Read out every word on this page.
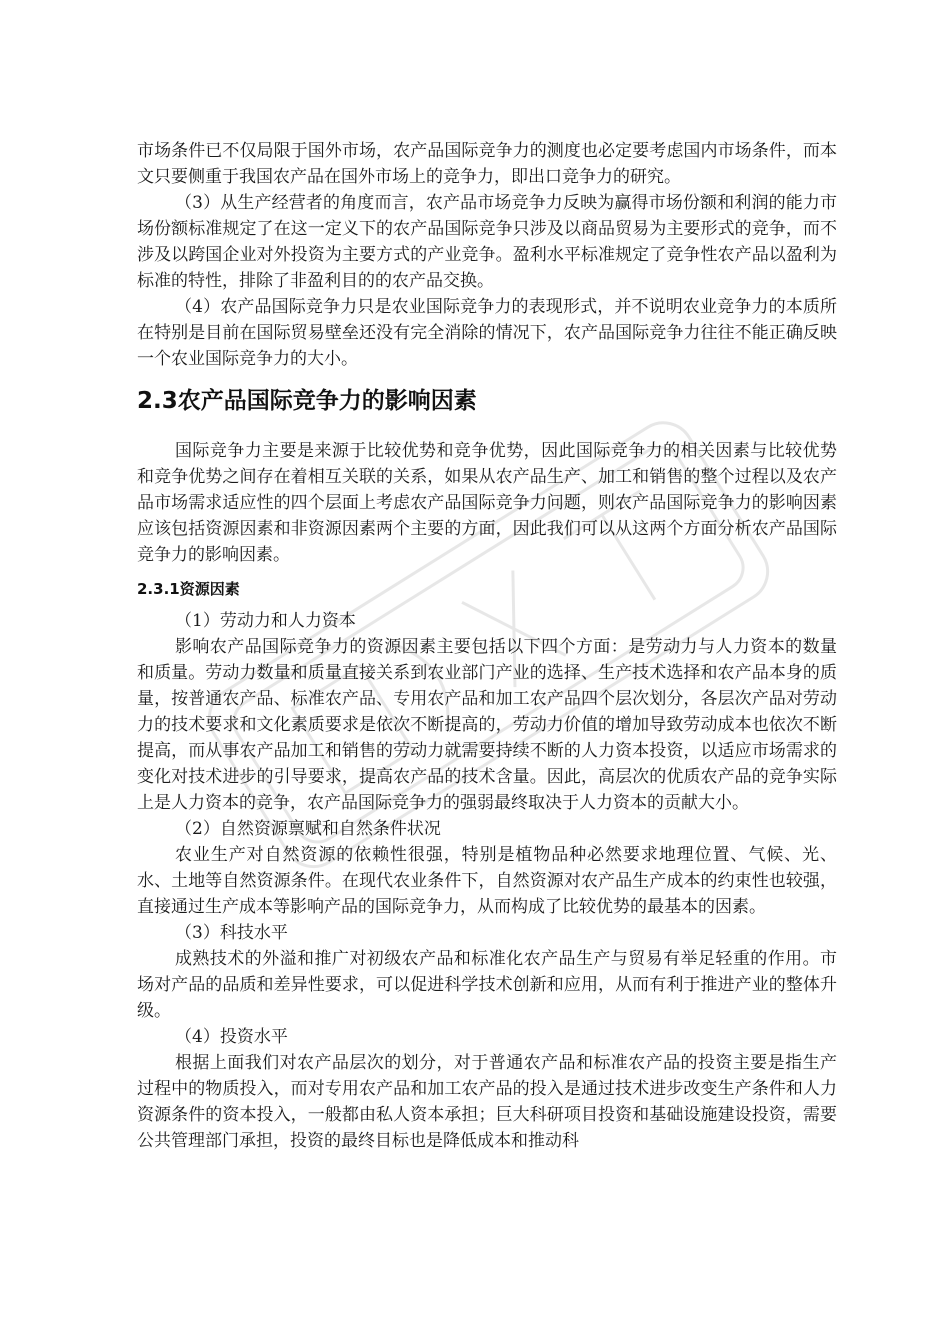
市场条件已不仅局限于国外市场，农产品国际竞争力的测度也必定要考虑国内市场条件，而本文只要侧重于我国农产品在国外市场上的竞争力，即出口竞争力的研究。

（3）从生产经营者的角度而言，农产品市场竞争力反映为赢得市场份额和利润的能力市场份额标准规定了在这一定义下的农产品国际竞争只涉及以商品贸易为主要形式的竞争，而不涉及以跨国企业对外投资为主要方式的产业竞争。盈利水平标准规定了竞争性农产品以盈利为标准的特性，排除了非盈利目的的农产品交换。

（4）农产品国际竞争力只是农业国际竞争力的表现形式，并不说明农业竞争力的本质所在特别是目前在国际贸易壁垒还没有完全消除的情况下，农产品国际竞争力往往不能正确反映一个农业国际竞争力的大小。

2.3农产品国际竞争力的影响因素

国际竞争力主要是来源于比较优势和竞争优势，因此国际竞争力的相关因素与比较优势和竞争优势之间存在着相互关联的关系，如果从农产品生产、加工和销售的整个过程以及农产品市场需求适应性的四个层面上考虑农产品国际竞争力问题，则农产品国际竞争力的影响因素应该包括资源因素和非资源因素两个主要的方面，因此我们可以从这两个方面分析农产品国际竞争力的影响因素。

2.3.1资源因素

（1）劳动力和人力资本

影响农产品国际竞争力的资源因素主要包括以下四个方面：是劳动力与人力资本的数量和质量。劳动力数量和质量直接关系到农业部门产业的选择、生产技术选择和农产品本身的质量，按普通农产品、标准农产品、专用农产品和加工农产品四个层次划分，各层次产品对劳动力的技术要求和文化素质要求是依次不断提高的，劳动力价值的增加导致劳动成本也依次不断提高，而从事农产品加工和销售的劳动力就需要持续不断的人力资本投资，以适应市场需求的变化对技术进步的引导要求，提高农产品的技术含量。因此，高层次的优质农产品的竞争实际上是人力资本的竞争，农产品国际竞争力的强弱最终取决于人力资本的贡献大小。

（2）自然资源禀赋和自然条件状况

农业生产对自然资源的依赖性很强，特别是植物品种必然要求地理位置、气候、光、水、土地等自然资源条件。在现代农业条件下，自然资源对农产品生产成本的约束性也较强，直接通过生产成本等影响产品的国际竞争力，从而构成了比较优势的最基本的因素。

（3）科技水平

成熟技术的外溢和推广对初级农产品和标准化农产品生产与贸易有举足轻重的作用。市场对产品的品质和差异性要求，可以促进科学技术创新和应用，从而有利于推进产业的整体升级。

（4）投资水平

根据上面我们对农产品层次的划分，对于普通农产品和标准农产品的投资主要是指生产过程中的物质投入，而对专用农产品和加工农产品的投入是通过技术进步改变生产条件和人力资源条件的资本投入，一般都由私人资本承担；巨大科研项目投资和基础设施建设投资，需要公共管理部门承担，投资的最终目标也是降低成本和推动科
